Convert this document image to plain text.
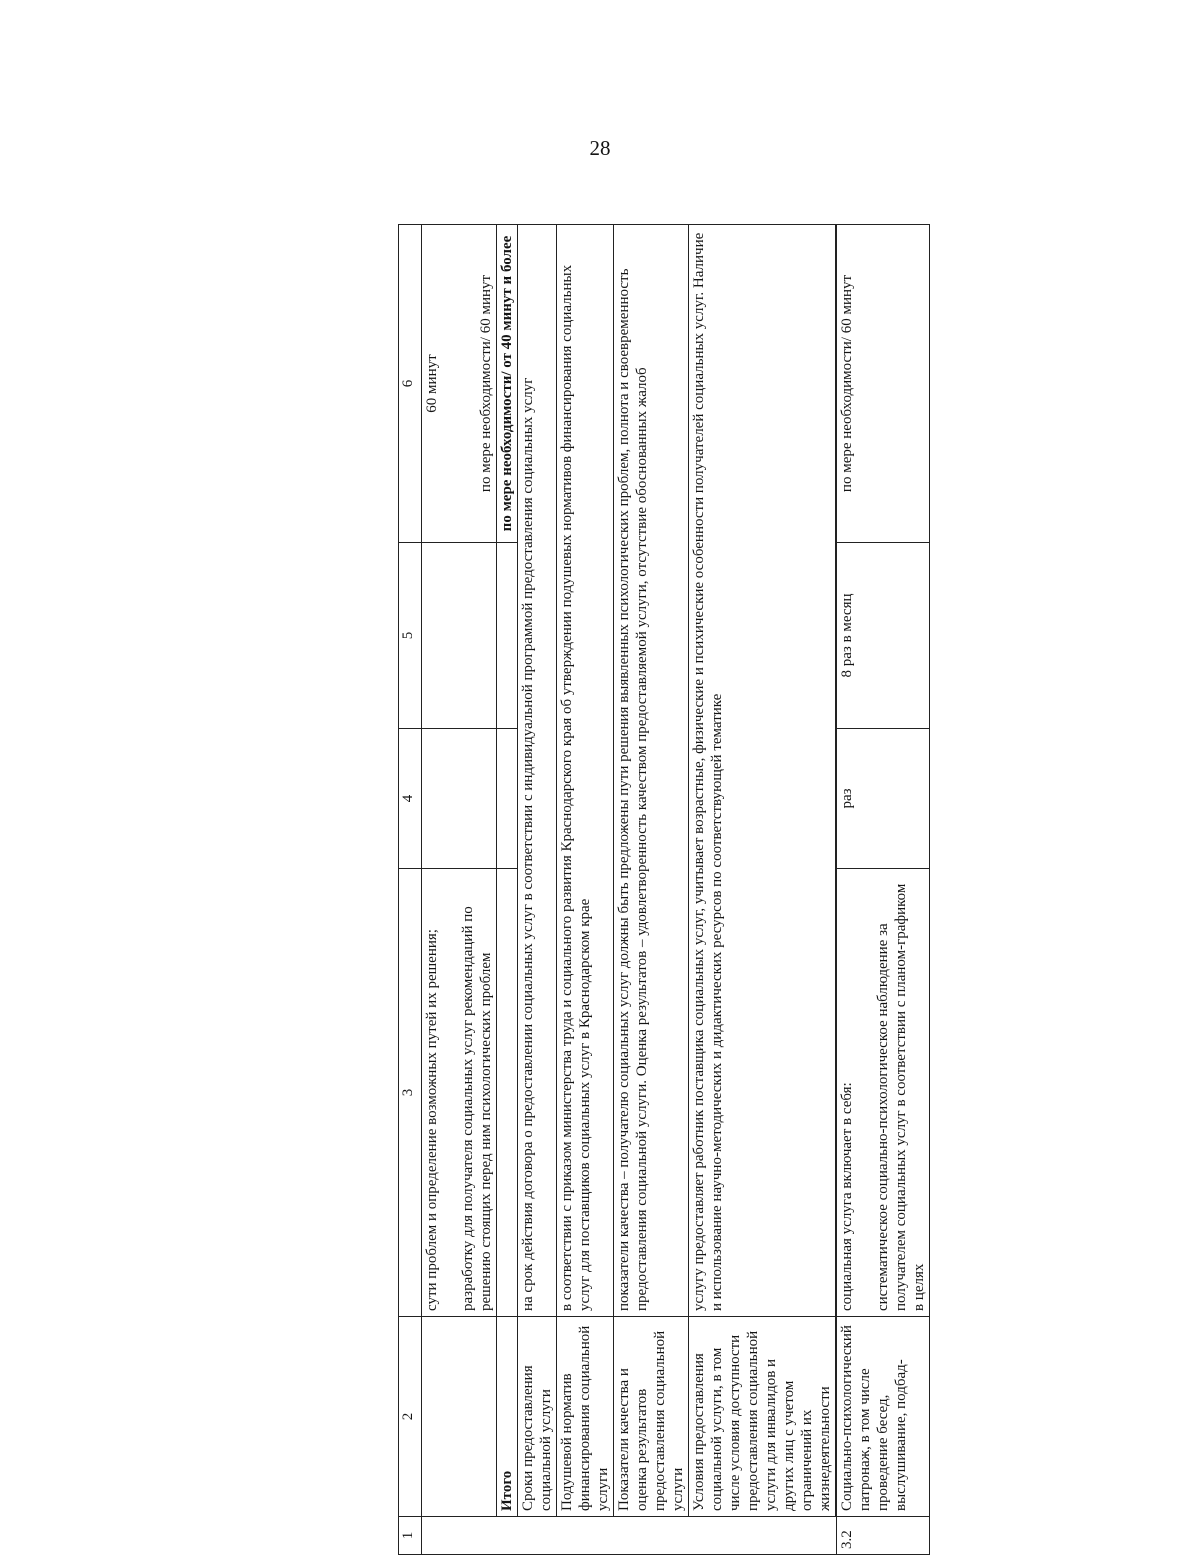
28
1	2	3	4	5	6
		сути проблем и определение возможных путей их решения; разработку для получателя социальных услуг рекомендаций по решению стоящих перед ним психологических проблем			60 минут по мере необходимости/ 60 минут
	Итого				по мере необходимости/ от 40 минут и более
	Сроки предоставления социальной услуги	на срок действия договора о предоставлении социальных услуг в соответствии с индивидуальной программой предоставления социальных услуг			
	Подушевой норматив финансирования социальной услуги	в соответствии с приказом министерства труда и социального развития Краснодарского края об утверждении подушевых нормативов финансирования социальных услуг для поставщиков социальных услуг в Краснодарском крае			
	Показатели качества и оценка результатов предоставления социальной услуги	показатели качества – получателю социальных услуг должны быть предложены пути решения выявленных психологических проблем, полнота и своевременность предоставления социальной услуги. Оценка результатов – удовлетворенность качеством предоставляемой услуги, отсутствие обоснованных жалоб			
	Условия предоставления социальной услуги, в том числе условия доступности предоставления социальной услуги для инвалидов и других лиц с учетом ограничений их жизнедеятельности	услугу предоставляет работник поставщика социальных услуг, учитывает возрастные, физические и психические особенности получателей социальных услуг. Наличие и использование научно-методических и дидактических ресурсов по соответствующей тематике			

3.2	Социально-психологический патронаж, в том числе проведение бесед, выслушивание, подбад-	социальная услуга включает в себя: систематическое социально-психологическое наблюдение за получателем социальных услуг в соответствии с планом-графиком в целях	раз	8 раз в месяц	по мере необходимости/ 60 минут
